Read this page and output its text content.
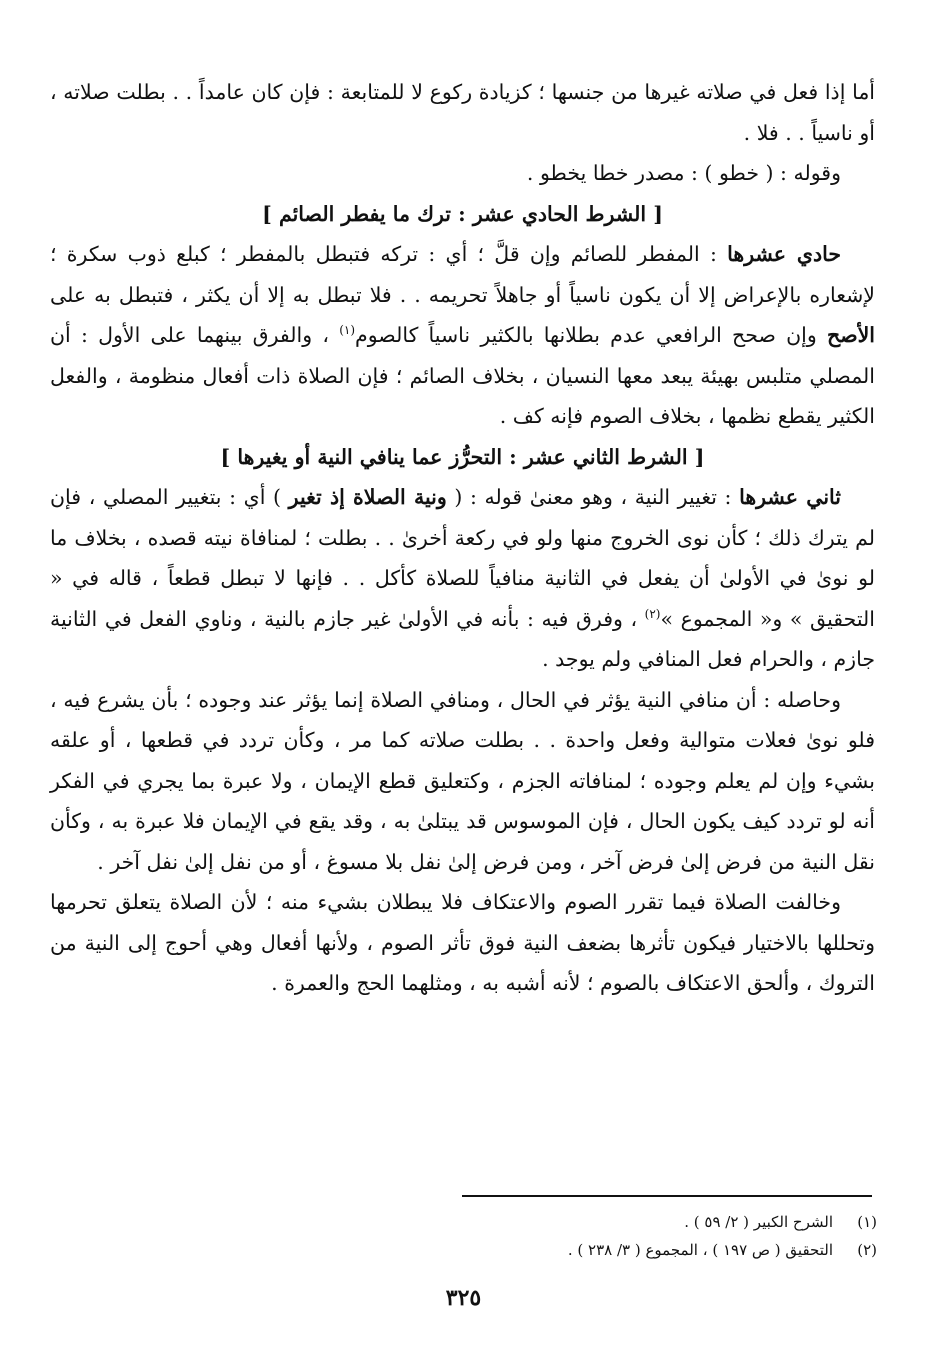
أما إذا فعل في صلاته غيرها من جنسها ؛ كزيادة ركوع لا للمتابعة : فإن كان عامداً . . بطلت صلاته ، أو ناسياً . . فلا .

وقوله : ( خطو ) : مصدر خطا يخطو .

[ الشرط الحادي عشر : ترك ما يفطر الصائم ]

حادي عشرها : المفطر للصائم وإن قلَّ ؛ أي : تركه فتبطل بالمفطر ؛ كبلع ذوب سكرة ؛ لإشعاره بالإعراض إلا أن يكون ناسياً أو جاهلاً تحريمه . . فلا تبطل به إلا أن يكثر ، فتبطل به على الأصح وإن صحح الرافعي عدم بطلانها بالكثير ناسياً كالصوم$^{(١)}$ ، والفرق بينهما على الأول : أن المصلي متلبس بهيئة يبعد معها النسيان ، بخلاف الصائم ؛ فإن الصلاة ذات أفعال منظومة ، والفعل الكثير يقطع نظمها ، بخلاف الصوم فإنه كف .

[ الشرط الثاني عشر : التحرُّز عما ينافي النية أو يغيرها ]

ثاني عشرها : تغيير النية ، وهو معنىٰ قوله : ( ونية الصلاة إذ تغير ) أي : بتغيير المصلي ، فإن لم يترك ذلك ؛ كأن نوى الخروج منها ولو في ركعة أخرىٰ . . بطلت ؛ لمنافاة نيته قصده ، بخلاف ما لو نوىٰ في الأولىٰ أن يفعل في الثانية منافياً للصلاة كأكل . . فإنها لا تبطل قطعاً ، قاله في « التحقيق » و« المجموع »$^{(٢)}$ ، وفرق فيه : بأنه في الأولىٰ غير جازم بالنية ، وناوي الفعل في الثانية جازم ، والحرام فعل المنافي ولم يوجد .

وحاصله : أن منافي النية يؤثر في الحال ، ومنافي الصلاة إنما يؤثر عند وجوده ؛ بأن يشرع فيه ، فلو نوىٰ فعلات متوالية وفعل واحدة . . بطلت صلاته كما مر ، وكأن تردد في قطعها ، أو علقه بشيء وإن لم يعلم وجوده ؛ لمنافاته الجزم ، وكتعليق قطع الإيمان ، ولا عبرة بما يجري في الفكر أنه لو تردد كيف يكون الحال ، فإن الموسوس قد يبتلىٰ به ، وقد يقع في الإيمان فلا عبرة به ، وكأن نقل النية من فرض إلىٰ فرض آخر ، ومن فرض إلىٰ نفل بلا مسوغ ، أو من نفل إلىٰ نفل آخر .

وخالفت الصلاة فيما تقرر الصوم والاعتكاف فلا يبطلان بشيء منه ؛ لأن الصلاة يتعلق تحرمها وتحللها بالاختيار فيكون تأثرها بضعف النية فوق تأثر الصوم ، ولأنها أفعال وهي أحوج إلى النية من التروك ، وألحق الاعتكاف بالصوم ؛ لأنه أشبه به ، ومثلهما الحج والعمرة .

(١)
الشرح الكبير ( ٢/ ٥٩ ) .
(٢)
التحقيق ( ص ١٩٧ ) ، المجموع ( ٣/ ٢٣٨ ) .
٣٢٥
